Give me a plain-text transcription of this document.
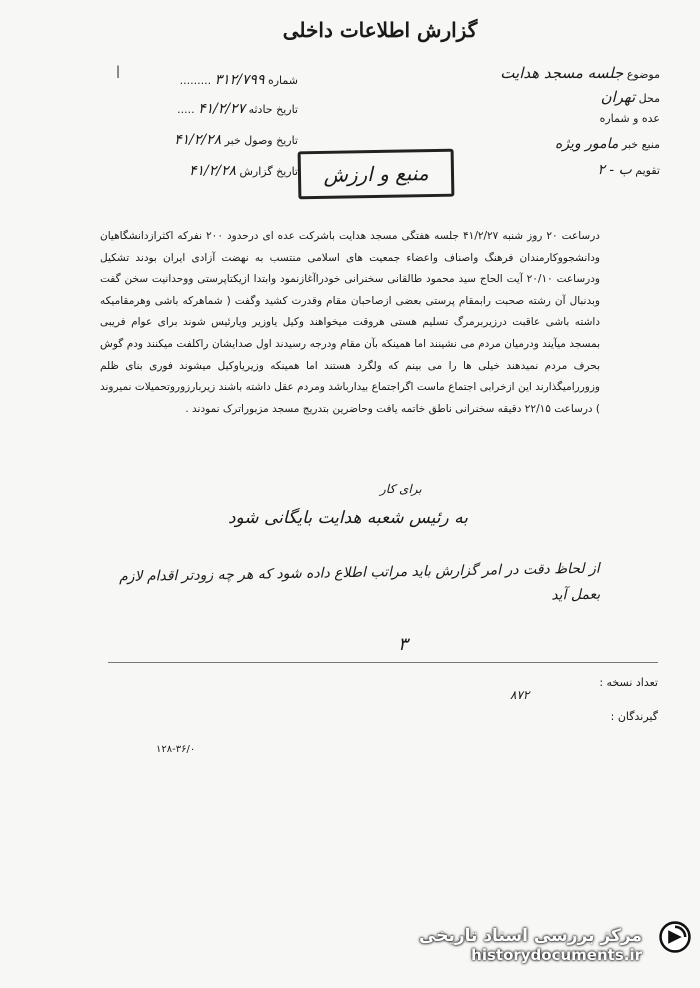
گزارش اطلاعات داخلی
شماره ۳۱۲/۷۹۹ .........
تاریخ حادثه ۴۱/۲/۲۷ .....
تاریخ وصول خبر ۴۱/۲/۲۸
تاریخ گزارش ۴۱/۲/۲۸
|	موضوع جلسه مسجد هدایت
محل تهران
عده و شماره
منبع خبر مامور ویژه
تقویم ب - ۲
منبع و ارزش

درساعت ۲۰ روز شنبه ۴۱/۲/۲۷ جلسه هفتگی مسجد هدایت باشرکت عده ای درحدود ۲۰۰ نفرکه اکثرازدانشگاهیان ودانشجووکارمندان فرهنگ واصناف واعضاء جمعیت های اسلامی منتسب به نهضت آزادی ایران بودند تشکیل ودرساعت ۲۰/۱۰ آیت الحاج سید محمود طالقانی سخنرانی خودراآغازنمود وابتدا ازیکتاپرستی ووحدانیت سخن گفت وبدنبال آن رشته صحبت رابمقام پرستی بعضی ازصاحبان مقام وقدرت کشید وگفت ( شماهرکه باشی وهرمقامیکه داشته باشی عاقبت درزیربرمرگ تسلیم هستی هروقت میخواهند وکیل یاوزیر ویارئیس شوند برای عوام فریبی بمسجد میآیند ودرمیان مردم می نشینند اما همینکه بآن مقام ودرجه رسیدند اول صدایشان راکلفت میکنند ودم گوش بحرف مردم نمیدهند خیلی ها را می بینم که ولگرد هستند اما همینکه وزیریاوکیل میشوند فوری بنای ظلم وزورراميگذارند این ازخرابی اجتماع ماست اگراجتماع بیدارباشد ومردم عقل داشته باشند زیربارزوروتحمیلات نمیروند ) درساعت ۲۲/۱۵ دقیقه سخنرانی ناطق خاتمه یافت وحاضرین بتدریج مسجد مزبوراترک نمودند .

برای کار
به رئیس شعبه هدایت بایگانی شود
از لحاظ دقت در امر گزارش باید مراتب اطلاع داده شود که هر چه زودتر اقدام لازم بعمل آید
٣
تعداد نسخه :
۸۷۲
گیرندگان :
۱۲۸-۳۶/۰
مرکز بررسی اسناد تاریخی
historydocuments.ir
